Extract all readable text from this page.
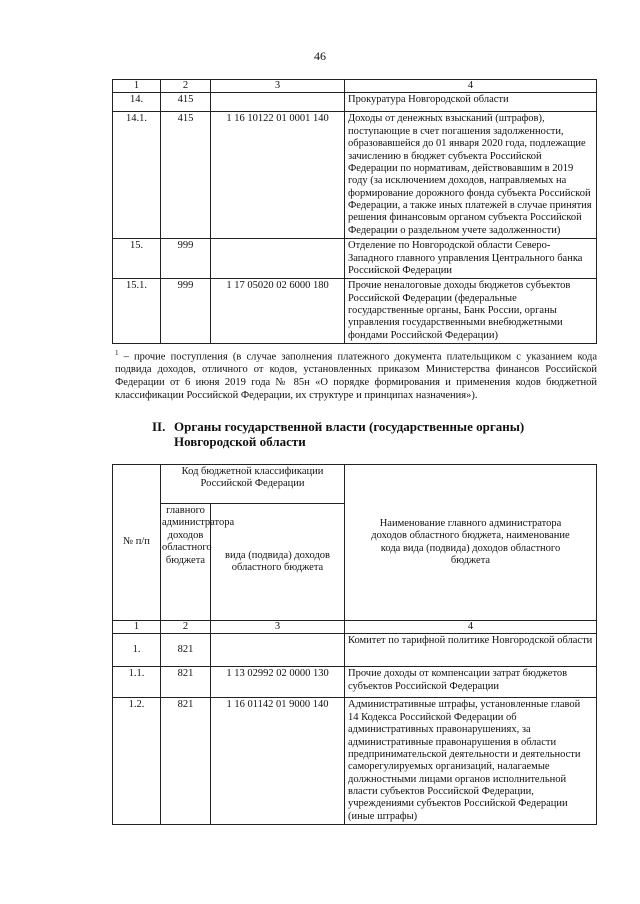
46
1	2	3	4
14.	415		Прокуратура Новгородской области
14.1.	415	1 16 10122 01 0001 140	Доходы от денежных взысканий (штрафов), поступающие в счет погашения задолженности, образовавшейся до 01 января 2020 года, подлежащие зачислению в бюджет субъекта Российской Федерации по нормативам, действовавшим в 2019 году (за исключением доходов, направляемых на формирование дорожного фонда субъекта Российской Федерации, а также иных платежей в случае принятия решения финансовым органом субъекта Российской Федерации о раздельном учете задолженности)
15.	999		Отделение по Новгородской области Северо-Западного главного управления Центрального банка Российской Федерации
15.1.	999	1 17 05020 02 6000 180	Прочие неналоговые доходы бюджетов субъектов Российской Федерации (федеральные государственные органы, Банк России, органы управления государственными внебюджетными фондами Российской Федерации)
$^1$ – прочие поступления (в случае заполнения платежного документа плательщиком с указанием кода подвида доходов, отличного от кодов, установленных приказом Министерства финансов Российской Федерации от 6 июня 2019 года № 85н «О порядке формирования и применения кодов бюджетной классификации Российской Федерации, их структуре и принципах назначения»).
II. Органы государственной власти (государственные органы)
Новгородской области
№ п/п	Код бюджетной классификации Российской Федерации		Наименование главного администратора доходов областного бюджета, наименование кода вида (подвида) доходов областного бюджета
	главного администратора доходов областного бюджета	вида (подвида) доходов областного бюджета	
1	2	3	4
1.	821		Комитет по тарифной политике Новгородской области
1.1.	821	1 13 02992 02 0000 130	Прочие доходы от компенсации затрат бюджетов субъектов Российской Федерации
1.2.	821	1 16 01142 01 9000 140	Административные штрафы, установленные главой 14 Кодекса Российской Федерации об административных правонарушениях, за административные правонарушения в области предпринимательской деятельности и деятельности саморегулируемых организаций, налагаемые должностными лицами органов исполнительной власти субъектов Российской Федерации, учреждениями субъектов Российской Федерации (иные штрафы)
